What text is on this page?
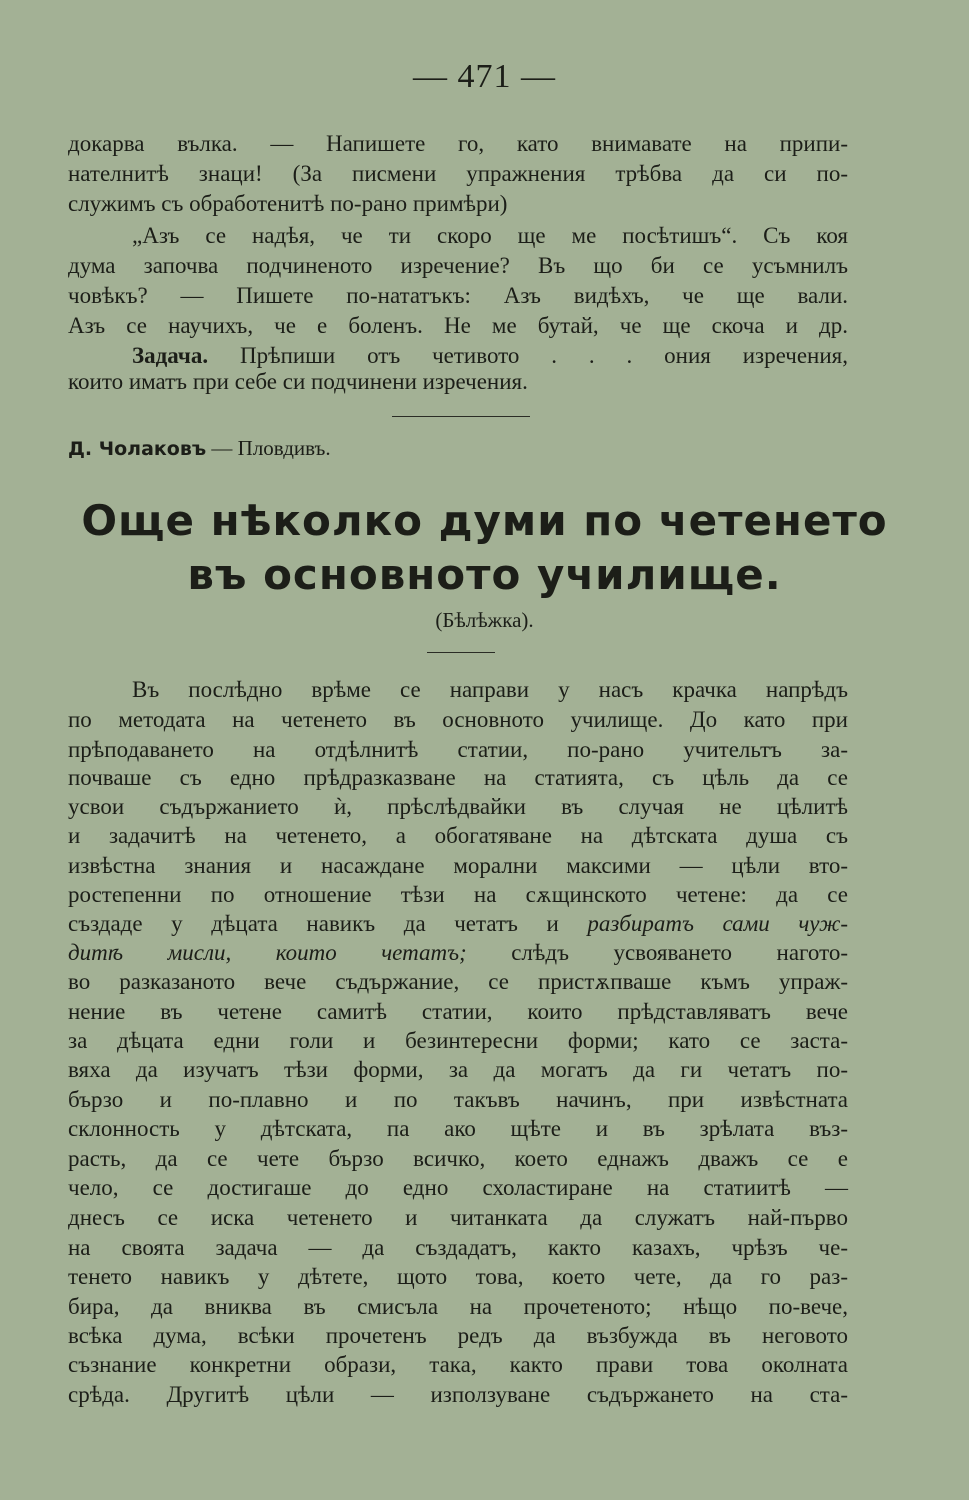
— 471 —
докарва вълка. — Напишете го, като внимавате на припи-
нателнитѣ знаци! (За писмени упражнения трѣбва да си по-
служимъ съ обработенитѣ по-рано примѣри)
„Азъ се надѣя, че ти скоро ще ме посѣтишъ“. Съ коя
дума започва подчиненото изречение? Въ що би се усъмнилъ
човѣкъ? — Пишете по-нататъкъ: Азъ видѣхъ, че ще вали.
Азъ се научихъ, че е боленъ. Не ме бутай, че ще скоча и др.
Задача. Прѣпиши отъ четивото . . . ония изречения,
които иматъ при себе си подчинени изречения.
Д. Чолаковъ — Пловдивъ.
Още нѣколко думи по четенето
въ основното училище.
(Бѣлѣжка).
Въ послѣдно врѣме се направи у насъ крачка напрѣдъ
по методата на четенето въ основното училище. До като при
прѣподаването на отдѣлнитѣ статии, по-рано учительтъ за-
почваше съ едно прѣдразказване на статията, съ цѣль да се
усвои съдържанието ѝ, прѣслѣдвайки въ случая не цѣлитѣ
и задачитѣ на четенето, а обогатяване на дѣтската душа съ
извѣстна знания и насаждане морални максими — цѣли вто-
ростепенни по отношение тѣзи на сѫщинското четене: да се
създаде у дѣцата навикъ да четатъ и разбиратъ сами чуж-
дитѣ мисли, които четатъ; слѣдъ усвояването нагото-
во разказаното вече съдържание, се пристѫпваше къмъ упраж-
нение въ четене самитѣ статии, които прѣдставляватъ вече
за дѣцата едни голи и безинтересни форми; като се заста-
вяха да изучатъ тѣзи форми, за да могатъ да ги четатъ по-
бързо и по-плавно и по такъвъ начинъ, при извѣстната
склонность у дѣтската, па ако щѣте и въ зрѣлата въз-
расть, да се чете бързо всичко, което еднажъ дважъ се е
чело, се достигаше до едно схоластиране на статиитѣ —
днесъ се иска четенето и читанката да служатъ най-първо
на своята задача — да създадатъ, както казахъ, чрѣзъ че-
тенето навикъ у дѣтете, щото това, което чете, да го раз-
бира, да вниква въ смисъла на прочетеното; нѣщо по-вече,
всѣка дума, всѣки прочетенъ редъ да възбужда въ неговото
съзнание конкретни образи, така, както прави това околната
срѣда. Другитѣ цѣли — използуване съдържането на ста-
